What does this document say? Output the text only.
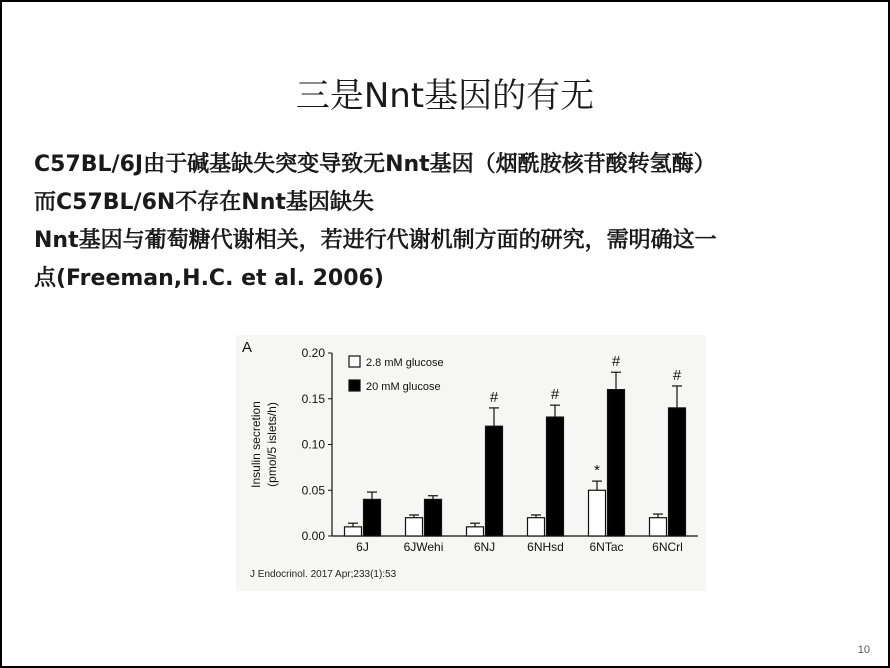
三是Nnt基因的有无
C57BL/6J由于碱基缺失突变导致无Nnt基因（烟酰胺核苷酸转氢酶）
而C57BL/6N不存在Nnt基因缺失
Nnt基因与葡萄糖代谢相关，若进行代谢机制方面的研究，需明确这一
点(Freeman,H.C. et al. 2006)
A
0.00
0.05
0.10
0.15
0.20
Insulin secretion (pmol/5 islets/h)
6J	6JWehi
#
6NJ
#
6NHsd
*
#
6NTac
#
6NCrl
2.8 mM glucose
20 mM glucose
J Endocrinol. 2017 Apr;233(1):53
10
